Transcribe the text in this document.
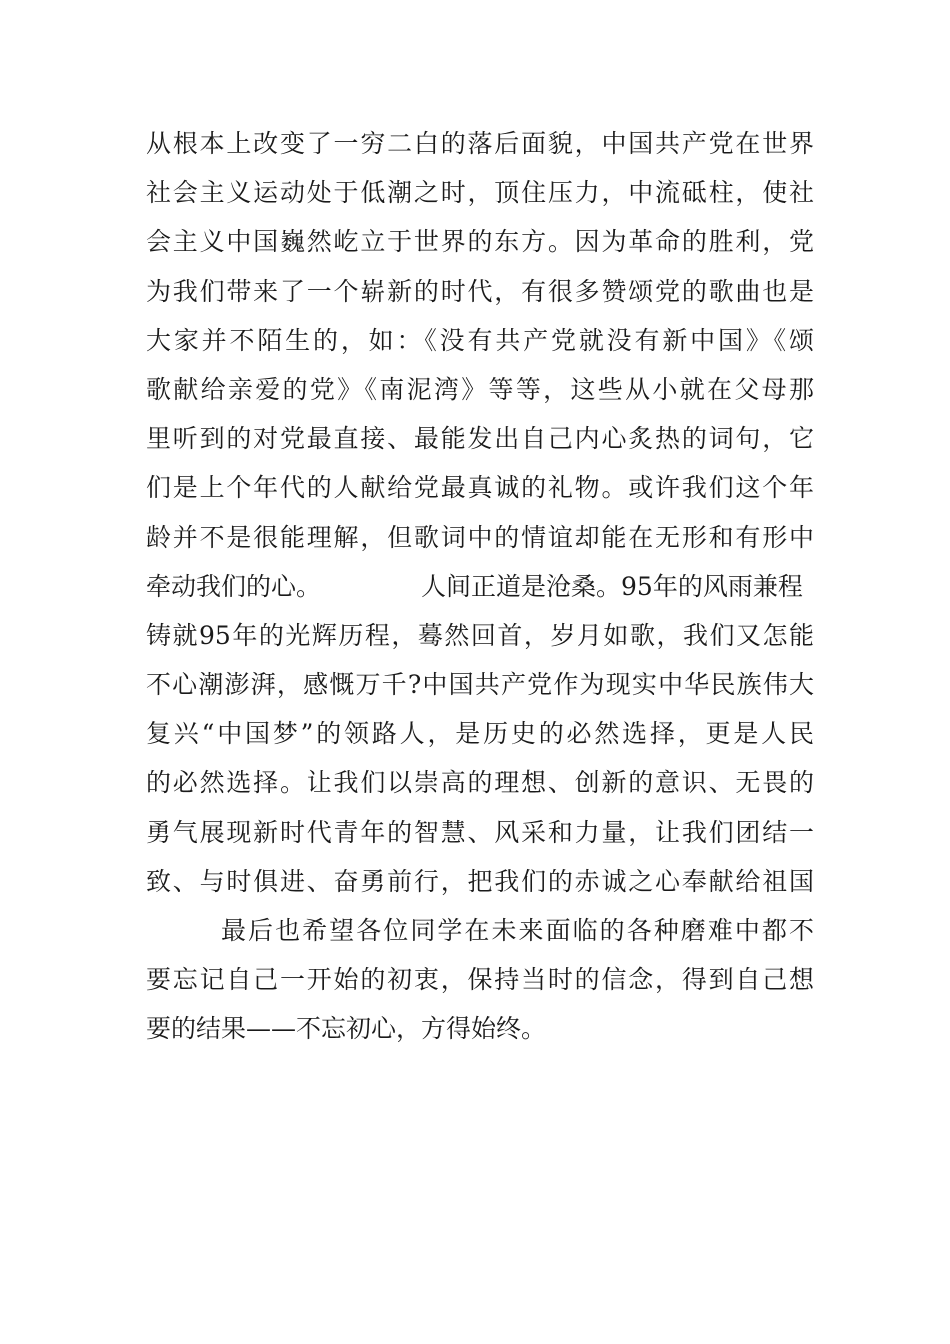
从根本上改变了一穷二白的落后面貌，中国共产党在世界
社会主义运动处于低潮之时，顶住压力，中流砥柱，使社
会主义中国巍然屹立于世界的东方。因为革命的胜利，党
为我们带来了一个崭新的时代，有很多赞颂党的歌曲也是
大家并不陌生的，如：《没有共产党就没有新中国》《颂
歌献给亲爱的党》《南泥湾》等等，这些从小就在父母那
里听到的对党最直接、最能发出自己内心炙热的词句，它
们是上个年代的人献给党最真诚的礼物。或许我们这个年
龄并不是很能理解，但歌词中的情谊却能在无形和有形中
牵动我们的心。	人间正道是沧桑。95年的风雨兼程
铸就95年的光辉历程，蓦然回首，岁月如歌，我们又怎能
不心潮澎湃，感慨万千?中国共产党作为现实中华民族伟大
复兴“中国梦”的领路人，是历史的必然选择，更是人民
的必然选择。让我们以崇高的理想、创新的意识、无畏的
勇气展现新时代青年的智慧、风采和力量，让我们团结一
致、与时俱进、奋勇前行，把我们的赤诚之心奉献给祖国
最后也希望各位同学在未来面临的各种磨难中都不
要忘记自己一开始的初衷，保持当时的信念，得到自己想
要的结果——不忘初心，方得始终。
